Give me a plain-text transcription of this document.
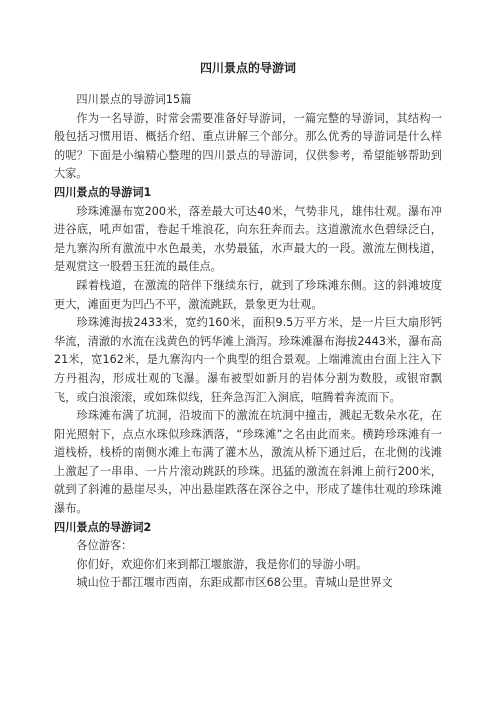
四川景点的导游词

四川景点的导游词15篇

作为一名导游，时常会需要准备好导游词，一篇完整的导游词，其结构一般包括习惯用语、概括介绍、重点讲解三个部分。那么优秀的导游词是什么样的呢？下面是小编精心整理的四川景点的导游词，仅供参考，希望能够帮助到大家。

四川景点的导游词1

珍珠滩瀑布宽200米，落差最大可达40米，气势非凡，雄伟壮观。瀑布冲进谷底，吼声如雷，卷起千堆浪花，向东狂奔而去。这道激流水色碧绿泛白，是九寨沟所有激流中水色最美，水势最猛，水声最大的一段。激流左侧栈道，是观赏这一股碧玉狂流的最佳点。

踩着栈道，在激流的陪伴下继续东行，就到了珍珠滩东侧。这的斜滩坡度更大，滩面更为凹凸不平，激流跳跃，景象更为壮观。

珍珠滩海拔2433米，宽约160米，面积9.5万平方米，是一片巨大扇形钙华流，清澈的水流在浅黄色的钙华滩上淌泻。珍珠滩瀑布海拔2443米，瀑布高21米，宽162米，是九寨沟内一个典型的组合景观。上端滩流由台面上注入下方丹祖沟，形成壮观的飞瀑。瀑布被型如新月的岩体分割为数股，或银帘飘飞，或白浪滚滚，或如珠似线，狂奔急泻汇入涧底，喧腾着奔流而下。

珍珠滩布满了坑洞，沿坡而下的激流在坑洞中撞击，溅起无数朵水花，在阳光照射下，点点水珠似珍珠洒落，“珍珠滩”之名由此而来。横跨珍珠滩有一道栈桥，栈桥的南侧水滩上布满了灌木丛，激流从桥下通过后，在北侧的浅滩上激起了一串串、一片片滚动跳跃的珍珠。迅猛的激流在斜滩上前行200米，就到了斜滩的悬崖尽头，冲出悬崖跌落在深谷之中，形成了雄伟壮观的珍珠滩瀑布。

四川景点的导游词2

各位游客：

你们好，欢迎你们来到都江堰旅游，我是你们的导游小明。

城山位于都江堰市西南，东距成都市区68公里。青城山是世界文
